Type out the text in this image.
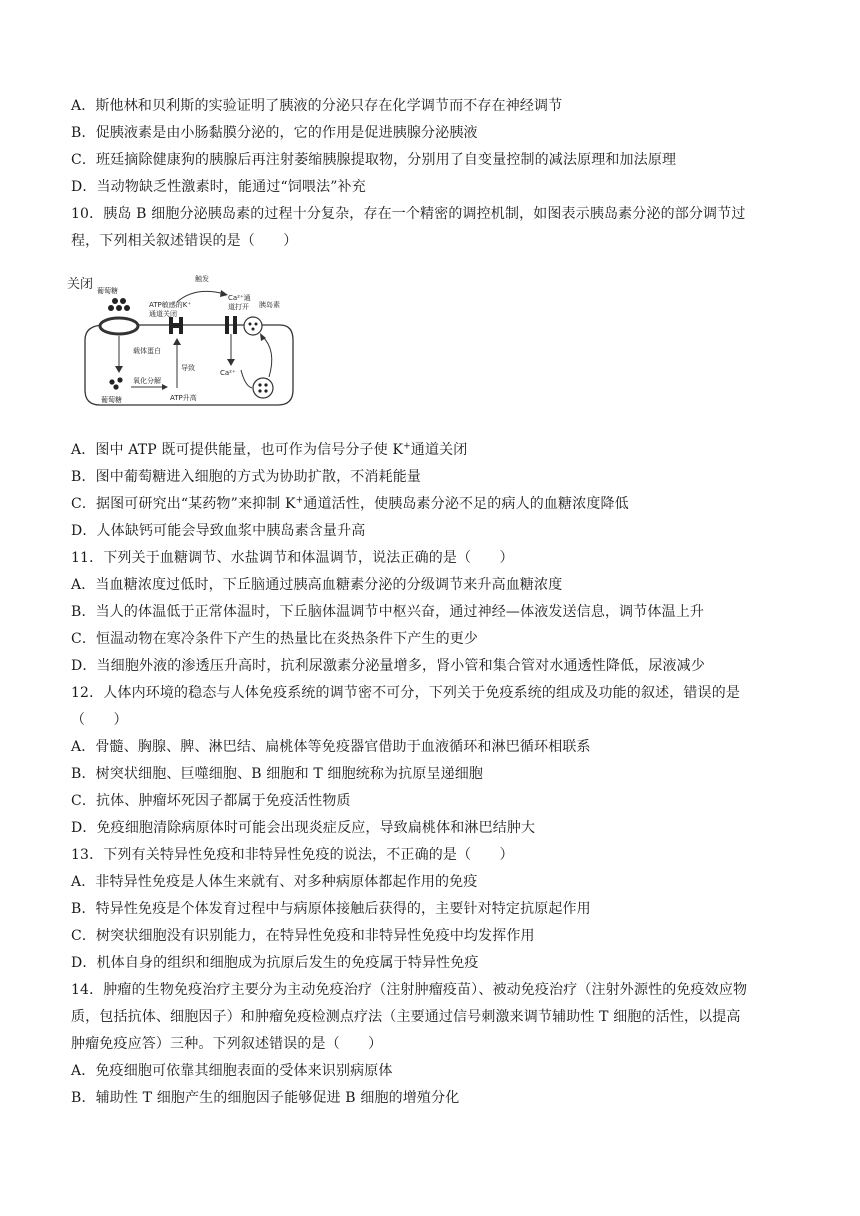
A．斯他林和贝利斯的实验证明了胰液的分泌只存在化学调节而不存在神经调节
B．促胰液素是由小肠黏膜分泌的，它的作用是促进胰腺分泌胰液
C．班廷摘除健康狗的胰腺后再注射萎缩胰腺提取物，分别用了自变量控制的减法原理和加法原理
D．当动物缺乏性激素时，能通过“饲喂法”补充
10．胰岛 B 细胞分泌胰岛素的过程十分复杂，存在一个精密的调控机制，如图表示胰岛素分泌的部分调节过
程，下列相关叙述错误的是（　　）
关闭 葡萄糖
载体蛋白
葡萄糖
氧化分解
ATP升高
导致
ATP敏感的K⁺
通道关闭
触发
Ca²⁺通
道打开
Ca²⁺
胰岛素
A．图中 ATP 既可提供能量，也可作为信号分子使 K+通道关闭
B．图中葡萄糖进入细胞的方式为协助扩散，不消耗能量
C．据图可研究出“某药物”来抑制 K+通道活性，使胰岛素分泌不足的病人的血糖浓度降低
D．人体缺钙可能会导致血浆中胰岛素含量升高
11．下列关于血糖调节、水盐调节和体温调节，说法正确的是（　　）
A．当血糖浓度过低时，下丘脑通过胰高血糖素分泌的分级调节来升高血糖浓度
B．当人的体温低于正常体温时，下丘脑体温调节中枢兴奋，通过神经—体液发送信息，调节体温上升
C．恒温动物在寒冷条件下产生的热量比在炎热条件下产生的更少
D．当细胞外液的渗透压升高时，抗利尿激素分泌量增多，肾小管和集合管对水通透性降低，尿液减少
12．人体内环境的稳态与人体免疫系统的调节密不可分，下列关于免疫系统的组成及功能的叙述，错误的是
（　　）
A．骨髓、胸腺、脾、淋巴结、扁桃体等免疫器官借助于血液循环和淋巴循环相联系
B．树突状细胞、巨噬细胞、B 细胞和 T 细胞统称为抗原呈递细胞
C．抗体、肿瘤坏死因子都属于免疫活性物质
D．免疫细胞清除病原体时可能会出现炎症反应，导致扁桃体和淋巴结肿大
13．下列有关特异性免疫和非特异性免疫的说法，不正确的是（　　）
A．非特异性免疫是人体生来就有、对多种病原体都起作用的免疫
B．特异性免疫是个体发育过程中与病原体接触后获得的，主要针对特定抗原起作用
C．树突状细胞没有识别能力，在特异性免疫和非特异性免疫中均发挥作用
D．机体自身的组织和细胞成为抗原后发生的免疫属于特异性免疫
14．肿瘤的生物免疫治疗主要分为主动免疫治疗（注射肿瘤疫苗）、被动免疫治疗（注射外源性的免疫效应物
质，包括抗体、细胞因子）和肿瘤免疫检测点疗法（主要通过信号刺激来调节辅助性 T 细胞的活性，以提高
肿瘤免疫应答）三种。下列叙述错误的是（　　）
A．免疫细胞可依靠其细胞表面的受体来识别病原体
B．辅助性 T 细胞产生的细胞因子能够促进 B 细胞的增殖分化
